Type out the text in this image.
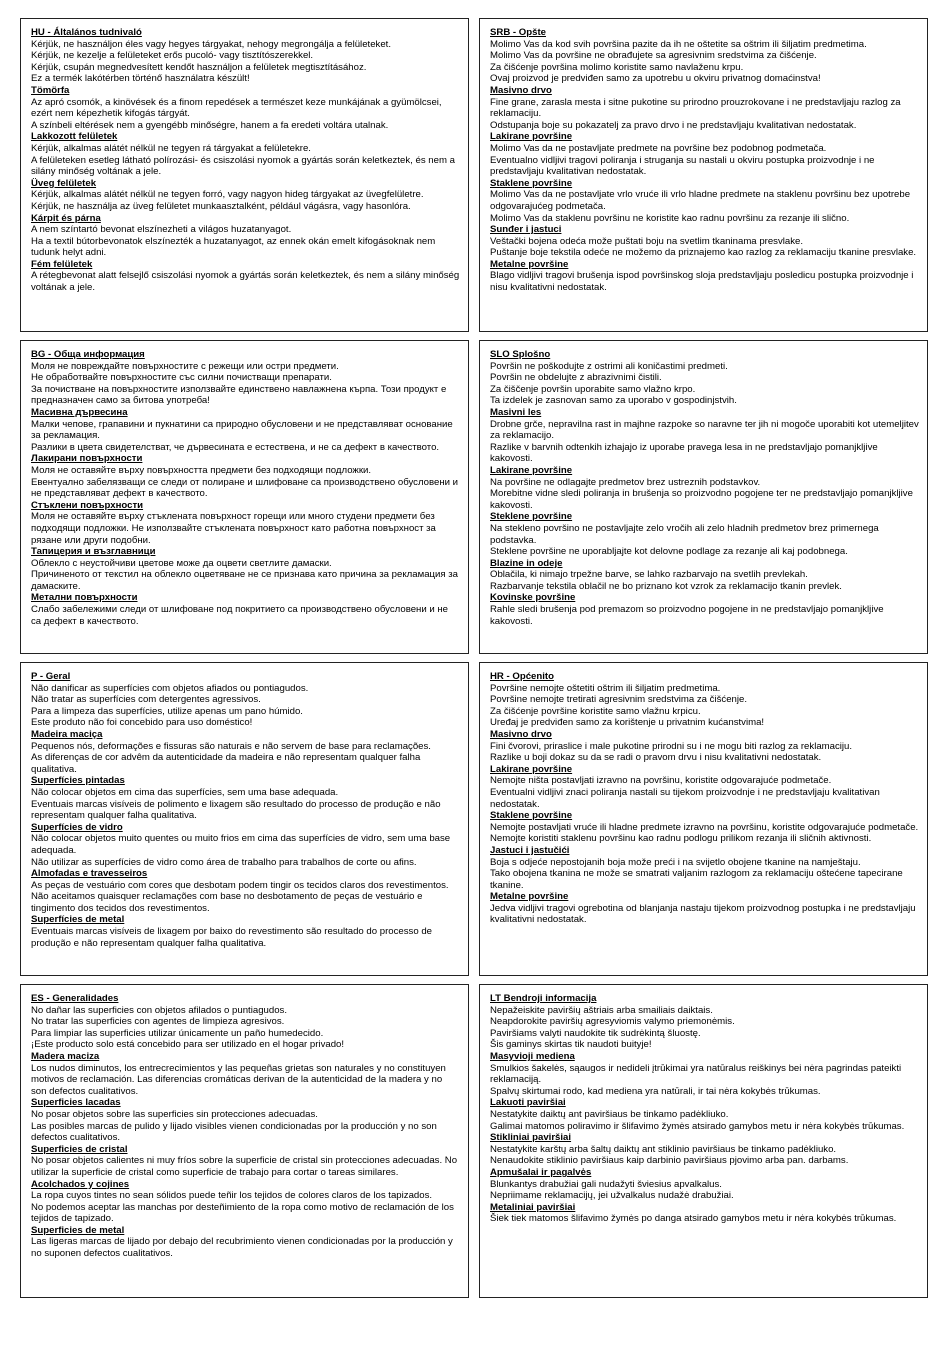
HU - Általános tudnivaló

Kérjük, ne használjon éles vagy hegyes tárgyakat, nehogy megrongálja a felületeket.

Kérjük, ne kezelje a felületeket erős pucoló- vagy tisztítószerekkel.

Kérjük, csupán megnedvesített kendőt használjon a felületek megtisztításához.

Ez a termék lakótérben történő használatra készült!

Tömörfa

Az apró csomók, a kinövések és a finom repedések a természet keze munkájának a gyümölcsei, ezért nem képezhetik kifogás tárgyát.

A színbeli eltérések nem a gyengébb minőségre, hanem a fa eredeti voltára utalnak.

Lakkozott felületek

Kérjük, alkalmas alátét nélkül ne tegyen rá tárgyakat a felületekre.

A felületeken esetleg látható polírozási- és csiszolási nyomok a gyártás során keletkeztek, és nem a silány minőség voltának a jele.

Üveg felületek

Kérjük, alkalmas alátét nélkül ne tegyen forró, vagy nagyon hideg tárgyakat az üvegfelületre.

Kérjük, ne használja az üveg felületet munkaasztalként, például vágásra, vagy hasonlóra.

Kárpit és párna

A nem színtartó bevonat elszínezheti a világos huzatanyagot.

Ha a textil bútorbevonatok elszínezték a huzatanyagot, az ennek okán emelt kifogásoknak nem tudunk helyt adni.

Fém felületek

A rétegbevonat alatt felsejlő csiszolási nyomok a gyártás során keletkeztek, és nem a silány minőség voltának a jele.

SRB - Opšte

Molimo Vas da kod svih površina pazite da ih ne oštetite sa oštrim ili šiljatim predmetima.

Molimo Vas da površine ne obrađujete sa agresivnim sredstvima za čišćenje.

Za čišćenje površina molimo koristite samo navlaženu krpu.

Ovaj proizvod je predviđen samo za upotrebu u okviru privatnog domaćinstva!

Masivno drvo

Fine grane, zarasla mesta i sitne pukotine su prirodno prouzrokovane i ne predstavljaju razlog za reklamaciju.

Odstupanja boje su pokazatelj za pravo drvo i ne predstavljaju kvalitativan nedostatak.

Lakirane površine

Molimo Vas da ne postavljate predmete na površine bez podobnog podmetača.

Eventualno vidljivi tragovi poliranja i struganja su nastali u okviru postupka proizvodnje i ne predstavljaju kvalitativan nedostatak.

Staklene površine

Molimo Vas da ne postavljate vrlo vruće ili vrlo hladne predmete na staklenu površinu bez upotrebe odgovarajućeg podmetača.

Molimo Vas da staklenu površinu ne koristite kao radnu površinu za rezanje ili slično.

Sunđer i jastuci

Veštački bojena odeća može puštati boju na svetlim tkaninama presvlake.

Puštanje boje tekstila odeće ne možemo da priznajemo kao razlog za reklamaciju tkanine presvlake.

Metalne površine

Blago vidljivi tragovi brušenja ispod površinskog sloja predstavljaju posledicu postupka proizvodnje i nisu kvalitativni nedostatak.

BG - Обща информация

Моля не повреждайте повърхностите с режещи или остри предмети.

Не обработвайте повърхностите със силни почистващи препарати.

За почистване на повърхностите използвайте единствено навлажнена кърпа. Този продукт е предназначен само за битова употреба!

Масивна дървесина

Малки чепове, грапавини и пукнатини са природно обусловени и не представляват основание за рекламация.

Разлики в цвета свидетелстват, че дървесината е естествена, и не са дефект в качеството.

Лакирани повърхности

Моля не оставяйте върху повърхността предмети без подходящи подложки.

Евентуално забелязващи се следи от полиране и шлифоване са производствено обусловени и не представляват дефект в качеството.

Стъклени повърхности

Моля не оставяйте върху стъклената повърхност горещи или много студени предмети без подходящи подложки. Не използвайте стъклената повърхност като работна повърхност за рязане или други подобни.

Тапицерия и възглавници

Облекло с неустойчиви цветове може да оцвети светлите дамаски.

Причиненото от текстил на облекло оцветяване не се признава като причина за рекламация за дамаските.

Метални повърхности

Слабо забележими следи от шлифоване под покритието са производствено обусловени и не са дефект в качеството.

SLO Splošno

Površin ne poškodujte z ostrimi ali koničastimi predmeti.

Površin ne obdelujte z abrazivnimi čistili.

Za čiščenje površin uporabite samo vlažno krpo.

Ta izdelek je zasnovan samo za uporabo v gospodinjstvih.

Masivni les

Drobne grče, nepravilna rast in majhne razpoke so naravne ter jih ni mogoče uporabiti kot utemeljitev za reklamacijo.

Razlike v barvnih odtenkih izhajajo iz uporabe pravega lesa in ne predstavljajo pomanjkljive kakovosti.

Lakirane površine

Na površine ne odlagajte predmetov brez ustreznih podstavkov.

Morebitne vidne sledi poliranja in brušenja so proizvodno pogojene ter ne predstavljajo pomanjkljive kakovosti.

Steklene površine

Na stekleno površino ne postavljajte zelo vročih ali zelo hladnih predmetov brez primernega podstavka.

Steklene površine ne uporabljajte kot delovne podlage za rezanje ali kaj podobnega.

Blazine in odeje

Oblačila, ki nimajo trpežne barve, se lahko razbarvajo na svetlih prevlekah.

Razbarvanje tekstila oblačil ne bo priznano kot vzrok za reklamacijo tkanin prevlek.

Kovinske površine

Rahle sledi brušenja pod premazom so proizvodno pogojene in ne predstavljajo pomanjkljive kakovosti.

P - Geral

Não danificar as superfícies com objetos afiados ou pontiagudos.

Não tratar as superfícies com detergentes agressivos.

Para a limpeza das superfícies, utilize apenas um pano húmido.

Este produto não foi concebido para uso doméstico!

Madeira maciça

Pequenos nós, deformações e fissuras são naturais e não servem de base para reclamações.

As diferenças de cor advêm da autenticidade da madeira e não representam qualquer falha qualitativa.

Superfícies pintadas

Não colocar objetos em cima das superfícies, sem uma base adequada.

Eventuais marcas visíveis de polimento e lixagem são resultado do processo de produção e não representam qualquer falha qualitativa.

Superfícies de vidro

Não colocar objetos muito quentes ou muito frios em cima das superfícies de vidro, sem uma base adequada.

Não utilizar as superfícies de vidro como área de trabalho para trabalhos de corte ou afins.

Almofadas e travesseiros

As peças de vestuário com cores que desbotam podem tingir os tecidos claros dos revestimentos.

Não aceitamos quaisquer reclamações com base no desbotamento de peças de vestuário e tingimento dos tecidos dos revestimentos.

Superfícies de metal

Eventuais marcas visíveis de lixagem por baixo do revestimento são resultado do processo de produção e não representam qualquer falha qualitativa.

HR - Općenito

Površine nemojte oštetiti oštrim ili šiljatim predmetima.

Površine nemojte tretirati agresivnim sredstvima za čišćenje.

Za čišćenje površine koristite samo vlažnu krpicu.

Uređaj je predviđen samo za korištenje u privatnim kućanstvima!

Masivno drvo

Fini čvorovi, priraslice i male pukotine prirodni su i ne mogu biti razlog za reklamaciju.

Razlike u boji dokaz su da se radi o pravom drvu i nisu kvalitativni nedostatak.

Lakirane površine

Nemojte ništa postavljati izravno na površinu, koristite odgovarajuće podmetače.

Eventualni vidljivi znaci poliranja nastali su tijekom proizvodnje i ne predstavljaju kvalitativan nedostatak.

Staklene površine

Nemojte postavljati vruće ili hladne predmete izravno na površinu, koristite odgovarajuće podmetače.

Nemojte koristiti staklenu površinu kao radnu podlogu prilikom rezanja ili sličnih aktivnosti.

Jastuci i jastučići

Boja s odjeće nepostojanih boja može preći i na svijetlo obojene tkanine na namještaju.

Tako obojena tkanina ne može se smatrati valjanim razlogom za reklamaciju oštećene tapecirane tkanine.

Metalne površine

Jedva vidljivi tragovi ogrebotina od blanjanja nastaju tijekom proizvodnog postupka i ne predstavljaju kvalitativni nedostatak.

ES - Generalidades

No dañar las superficies con objetos afilados o puntiagudos.

No tratar las superficies con agentes de limpieza agresivos.

Para limpiar las superficies utilizar únicamente un paño humedecido.

¡Este producto solo está concebido para ser utilizado en el hogar privado!

Madera maciza

Los nudos diminutos, los entrecrecimientos y las pequeñas grietas son naturales y no constituyen motivos de reclamación. Las diferencias cromáticas derivan de la autenticidad de la madera y no son defectos cualitativos.

Superficies lacadas

No posar objetos sobre las superficies sin protecciones adecuadas.

Las posibles marcas de pulido y lijado visibles vienen condicionadas por la producción y no son defectos cualitativos.

Superficies de cristal

No posar objetos calientes ni muy fríos sobre la superficie de cristal sin protecciones adecuadas. No utilizar la superficie de cristal como superficie de trabajo para cortar o tareas similares.

Acolchados y cojines

La ropa cuyos tintes no sean sólidos puede teñir los tejidos de colores claros de los tapizados.

No podemos aceptar las manchas por desteñimiento de la ropa como motivo de reclamación de los tejidos de tapizado.

Superficies de metal

Las ligeras marcas de lijado por debajo del recubrimiento vienen condicionadas por la producción y no suponen defectos cualitativos.

LT Bendroji informacija

Nepažeiskite paviršių aštriais arba smailiais daiktais.

Neapdorokite paviršių agresyviomis valymo priemonėmis.

Paviršiams valyti naudokite tik sudrėkintą šluostę.

Šis gaminys skirtas tik naudoti buityje!

Masyvioji mediena

Smulkios šakelės, sąaugos ir nedideli įtrūkimai yra natūralus reiškinys bei nėra pagrindas pateikti reklamaciją.

Spalvų skirtumai rodo, kad mediena yra natūrali, ir tai nėra kokybės trūkumas.

Lakuoti paviršiai

Nestatykite daiktų ant paviršiaus be tinkamo padėkliuko.

Galimai matomos poliravimo ir šlifavimo žymės atsirado gamybos metu ir nėra kokybės trūkumas.

Stikliniai paviršiai

Nestatykite karštų arba šaltų daiktų ant stiklinio paviršiaus be tinkamo padėkliuko.

Nenaudokite stiklinio paviršiaus kaip darbinio paviršiaus pjovimo arba pan. darbams.

Apmušalai ir pagalvės

Blunkantys drabužiai gali nudažyti šviesius apvalkalus.

Nepriimame reklamacijų, jei užvalkalus nudažė drabužiai.

Metaliniai paviršiai

Šiek tiek matomos šlifavimo žymės po danga atsirado gamybos metu ir nėra kokybės trūkumas.
